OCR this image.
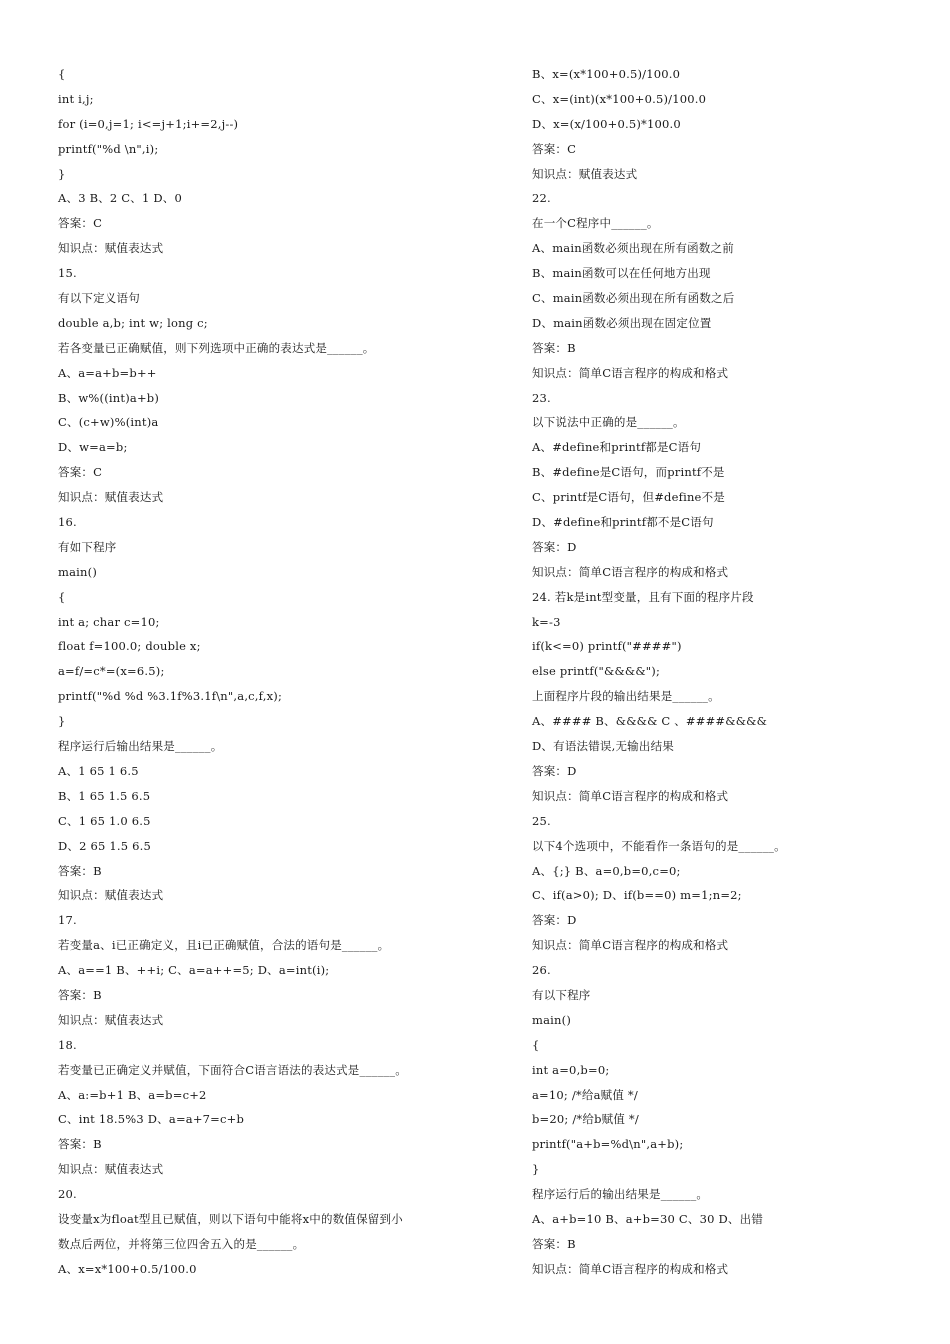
{
int i,j;
for (i=0,j=1; i<=j+1;i+=2,j--)
printf("%d \n",i);
}
A、3 B、2 C、1 D、0
答案：C
知识点：赋值表达式
15.
有以下定义语句
double a,b; int w; long c;
若各变量已正确赋值，则下列选项中正确的表达式是______。
A、a=a+b=b++
B、w%((int)a+b)
C、(c+w)%(int)a
D、w=a=b;
答案：C
知识点：赋值表达式
16.
有如下程序
main()
{
int a; char c=10;
float f=100.0; double x;
a=f/=c*=(x=6.5);
printf("%d %d %3.1f%3.1f\n",a,c,f,x);
}
程序运行后输出结果是______。
A、1 65 1 6.5
B、1 65 1.5 6.5
C、1 65 1.0 6.5
D、2 65 1.5 6.5
答案：B
知识点：赋值表达式
17.
若变量a、i已正确定义，且i已正确赋值，合法的语句是______。
A、a==1 B、++i; C、a=a++=5; D、a=int(i);
答案：B
知识点：赋值表达式
18.
若变量已正确定义并赋值，下面符合C语言语法的表达式是______。
A、a:=b+1 B、a=b=c+2
C、int 18.5%3 D、a=a+7=c+b
答案：B
知识点：赋值表达式
20.
设变量x为float型且已赋值，则以下语句中能将x中的数值保留到小
数点后两位，并将第三位四舍五入的是______。
A、x=x*100+0.5/100.0
B、x=(x*100+0.5)/100.0
C、x=(int)(x*100+0.5)/100.0
D、x=(x/100+0.5)*100.0
答案：C
知识点：赋值表达式
22.
在一个C程序中______。
A、main函数必须出现在所有函数之前
B、main函数可以在任何地方出现
C、main函数必须出现在所有函数之后
D、main函数必须出现在固定位置
答案：B
知识点：简单C语言程序的构成和格式
23.
以下说法中正确的是______。
A、#define和printf都是C语句
B、#define是C语句，而printf不是
C、printf是C语句，但#define不是
D、#define和printf都不是C语句
答案：D
知识点：简单C语言程序的构成和格式
24. 若k是int型变量，且有下面的程序片段
k=-3
if(k<=0) printf("####")
else printf("&&&&");
上面程序片段的输出结果是______。
A、#### B、&&&& C 、####&&&&
D、有语法错误,无输出结果
答案：D
知识点：简单C语言程序的构成和格式
25.
以下4个选项中，不能看作一条语句的是______。
A、{;} B、a=0,b=0,c=0;
C、if(a>0); D、if(b==0) m=1;n=2;
答案：D
知识点：简单C语言程序的构成和格式
26.
有以下程序
main()
{
int a=0,b=0;
a=10; /*给a赋值 */
b=20; /*给b赋值 */
printf("a+b=%d\n",a+b);
}
程序运行后的输出结果是______。
A、a+b=10 B、a+b=30 C、30 D、出错
答案：B
知识点：简单C语言程序的构成和格式
